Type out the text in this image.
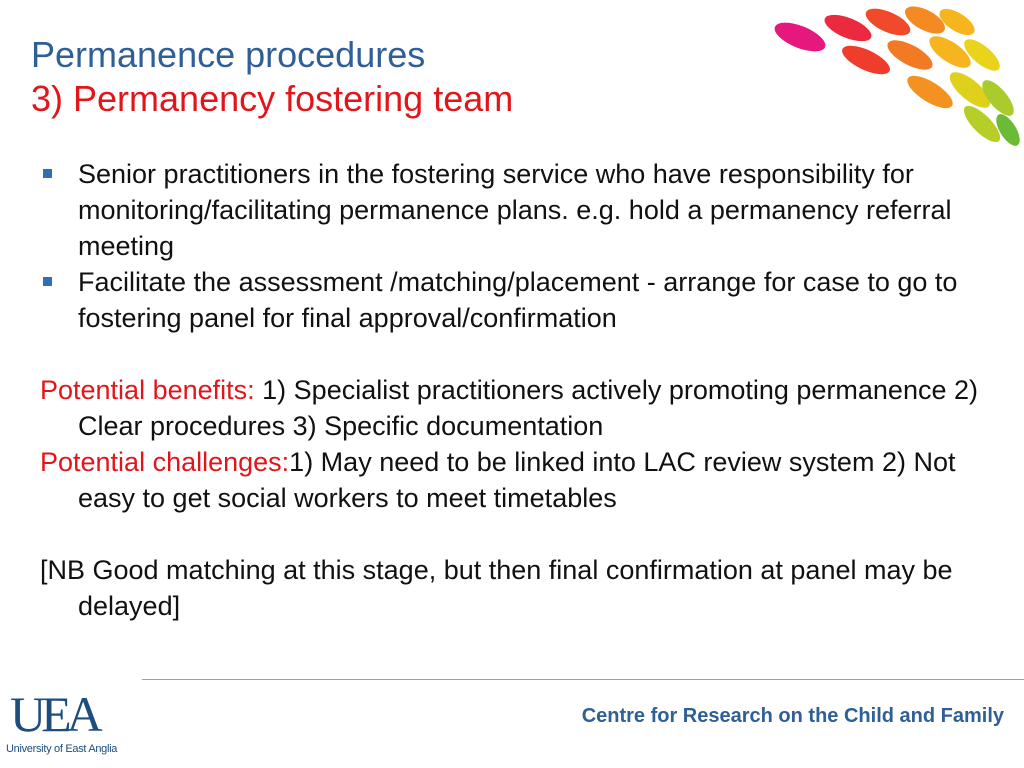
Permanence procedures
3) Permanency fostering team
Senior practitioners in the fostering service who have responsibility for monitoring/facilitating permanence plans. e.g. hold a permanency referral meeting
Facilitate the assessment /matching/placement - arrange for case to go to fostering panel for final approval/confirmation
Potential benefits: 1) Specialist practitioners actively promoting permanence 2) Clear procedures 3) Specific documentation
Potential challenges:1) May need to be linked into LAC review system 2) Not easy to get social workers to meet timetables
[NB Good matching at this stage, but then final confirmation at panel may be delayed]
UEA
University of East Anglia
Centre for Research on the Child and Family
